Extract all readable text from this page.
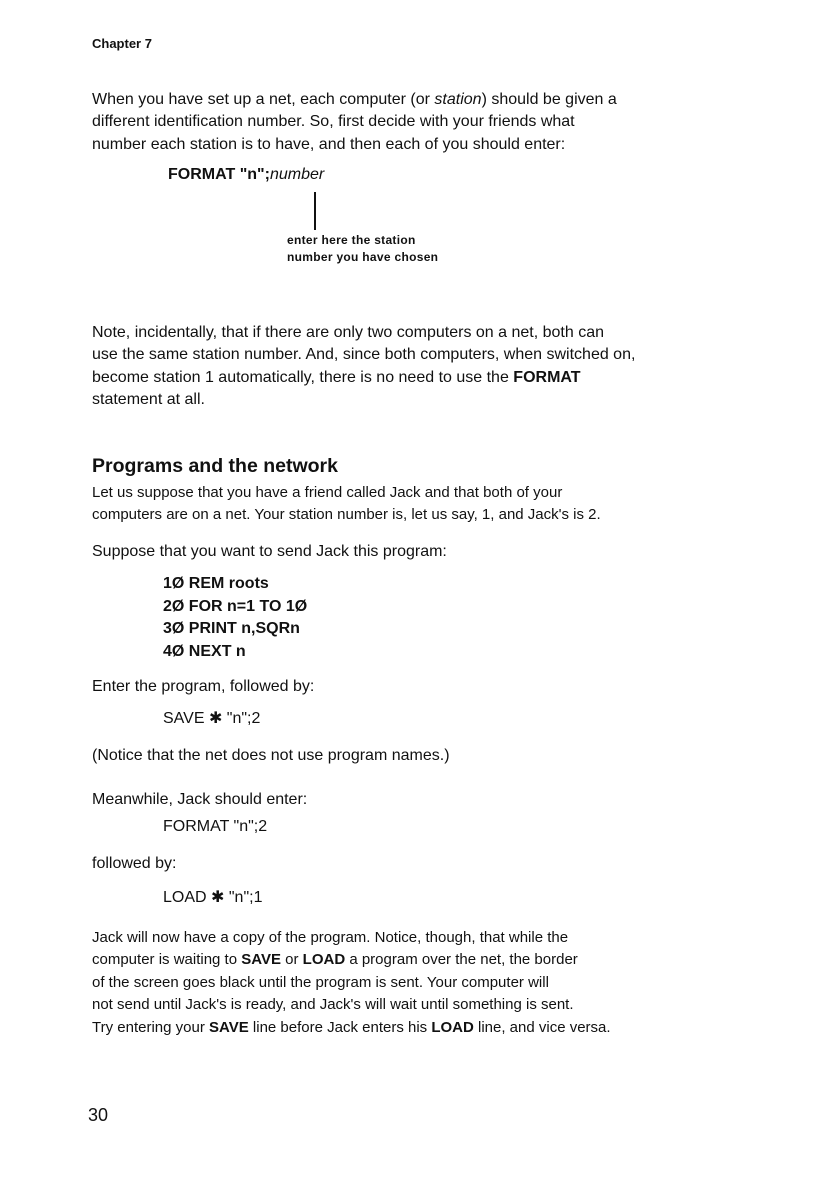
Chapter 7
When you have set up a net, each computer (or station) should be given a
different identification number. So, first decide with your friends what
number each station is to have, and then each of you should enter:
FORMAT "n";number
enter here the station
number you have chosen
Note, incidentally, that if there are only two computers on a net, both can
use the same station number. And, since both computers, when switched on,
become station 1 automatically, there is no need to use the FORMAT
statement at all.
Programs and the network
Let us suppose that you have a friend called Jack and that both of your
computers are on a net. Your station number is, let us say, 1, and Jack's is 2.
Suppose that you want to send Jack this program:
1Ø REM roots
2Ø FOR n=1 TO 1Ø
3Ø PRINT n,SQRn
4Ø NEXT n
Enter the program, followed by:
SAVE ✱ "n";2
(Notice that the net does not use program names.)
Meanwhile, Jack should enter:
FORMAT "n";2
followed by:
LOAD ✱ "n";1
Jack will now have a copy of the program. Notice, though, that while the
computer is waiting to SAVE or LOAD a program over the net, the border
of the screen goes black until the program is sent. Your computer will
not send until Jack's is ready, and Jack's will wait until something is sent.
Try entering your SAVE line before Jack enters his LOAD line, and vice versa.
30
